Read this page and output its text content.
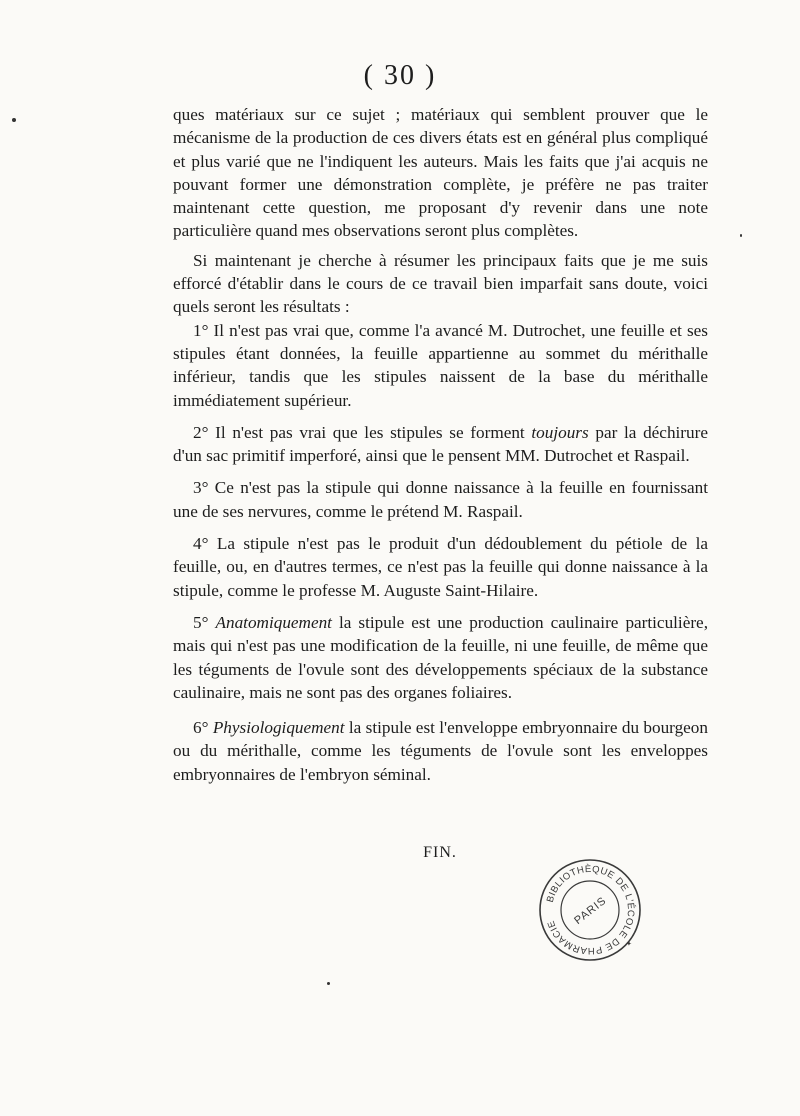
( 30 )

ques matériaux sur ce sujet ; matériaux qui semblent prouver que le mécanisme de la production de ces divers états est en général plus compliqué et plus varié que ne l'indiquent les auteurs. Mais les faits que j'ai acquis ne pouvant former une démonstration complète, je préfère ne pas traiter maintenant cette question, me proposant d'y revenir dans une note particulière quand mes observations seront plus complètes.

Si maintenant je cherche à résumer les principaux faits que je me suis efforcé d'établir dans le cours de ce travail bien imparfait sans doute, voici quels seront les résultats :

1° Il n'est pas vrai que, comme l'a avancé M. Dutrochet, une feuille et ses stipules étant données, la feuille appartienne au sommet du mérithalle inférieur, tandis que les stipules naissent de la base du mérithalle immédiatement supérieur.

2° Il n'est pas vrai que les stipules se forment toujours par la déchirure d'un sac primitif imperforé, ainsi que le pensent MM. Dutrochet et Raspail.

3° Ce n'est pas la stipule qui donne naissance à la feuille en fournissant une de ses nervures, comme le prétend M. Raspail.

4° La stipule n'est pas le produit d'un dédoublement du pétiole de la feuille, ou, en d'autres termes, ce n'est pas la feuille qui donne naissance à la stipule, comme le professe M. Auguste Saint-Hilaire.

5° Anatomiquement la stipule est une production caulinaire particulière, mais qui n'est pas une modification de la feuille, ni une feuille, de même que les téguments de l'ovule sont des développements spéciaux de la substance caulinaire, mais ne sont pas des organes foliaires.

6° Physiologiquement la stipule est l'enveloppe embryonnaire du bourgeon ou du mérithalle, comme les téguments de l'ovule sont les enveloppes embryonnaires de l'embryon séminal.

FIN.
BIBLIOTHÈQUE DE L'ÉCOLE DE PHARMACIE	PARIS
✦
